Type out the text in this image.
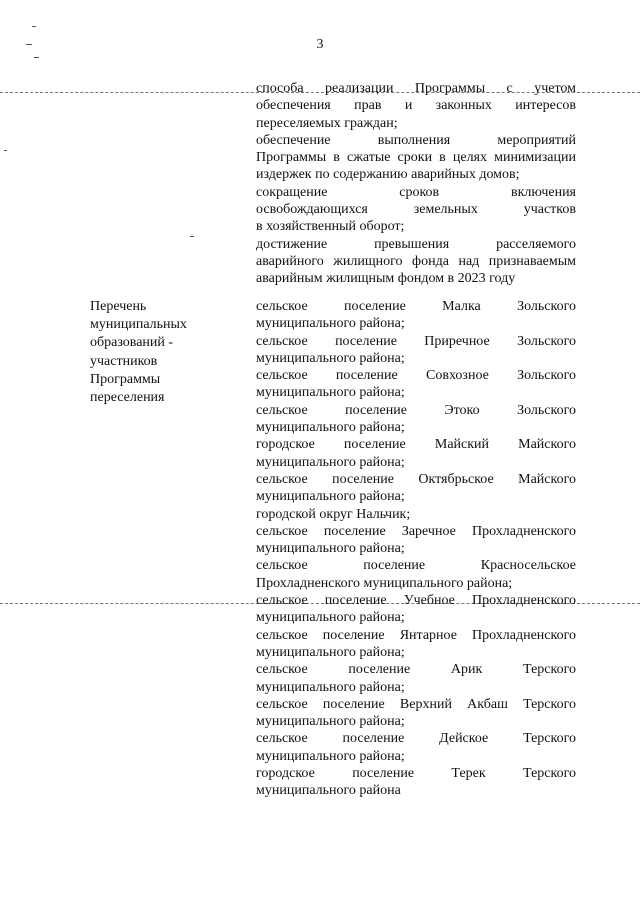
3
способа реализации Программы с учетом
обеспечения прав и законных интересов
переселяемых граждан;
обеспечение выполнения мероприятий
Программы в сжатые сроки в целях минимизации
издержек по содержанию аварийных домов;
сокращение сроков включения
освобождающихся земельных участков
в хозяйственный оборот;
достижение превышения расселяемого
аварийного жилищного фонда над признаваемым
аварийным жилищным фондом в 2023 году
Перечень
муниципальных
образований -
участников
Программы
переселения
сельское поселение Малка Зольского
муниципального района;
сельское поселение Приречное Зольского
муниципального района;
сельское поселение Совхозное Зольского
муниципального района;
сельское поселение Этоко Зольского
муниципального района;
городское поселение Майский Майского
муниципального района;
сельское поселение Октябрьское Майского
муниципального района;
городской округ Нальчик;
сельское поселение Заречное Прохладненского
муниципального района;
сельское поселение Красносельское
Прохладненского муниципального района;
сельское поселение Учебное Прохладненского
муниципального района;
сельское поселение Янтарное Прохладненского
муниципального района;
сельское поселение Арик Терского
муниципального района;
сельское поселение Верхний Акбаш Терского
муниципального района;
сельское поселение Дейское Терского
муниципального района;
городское поселение Терек Терского
муниципального района
